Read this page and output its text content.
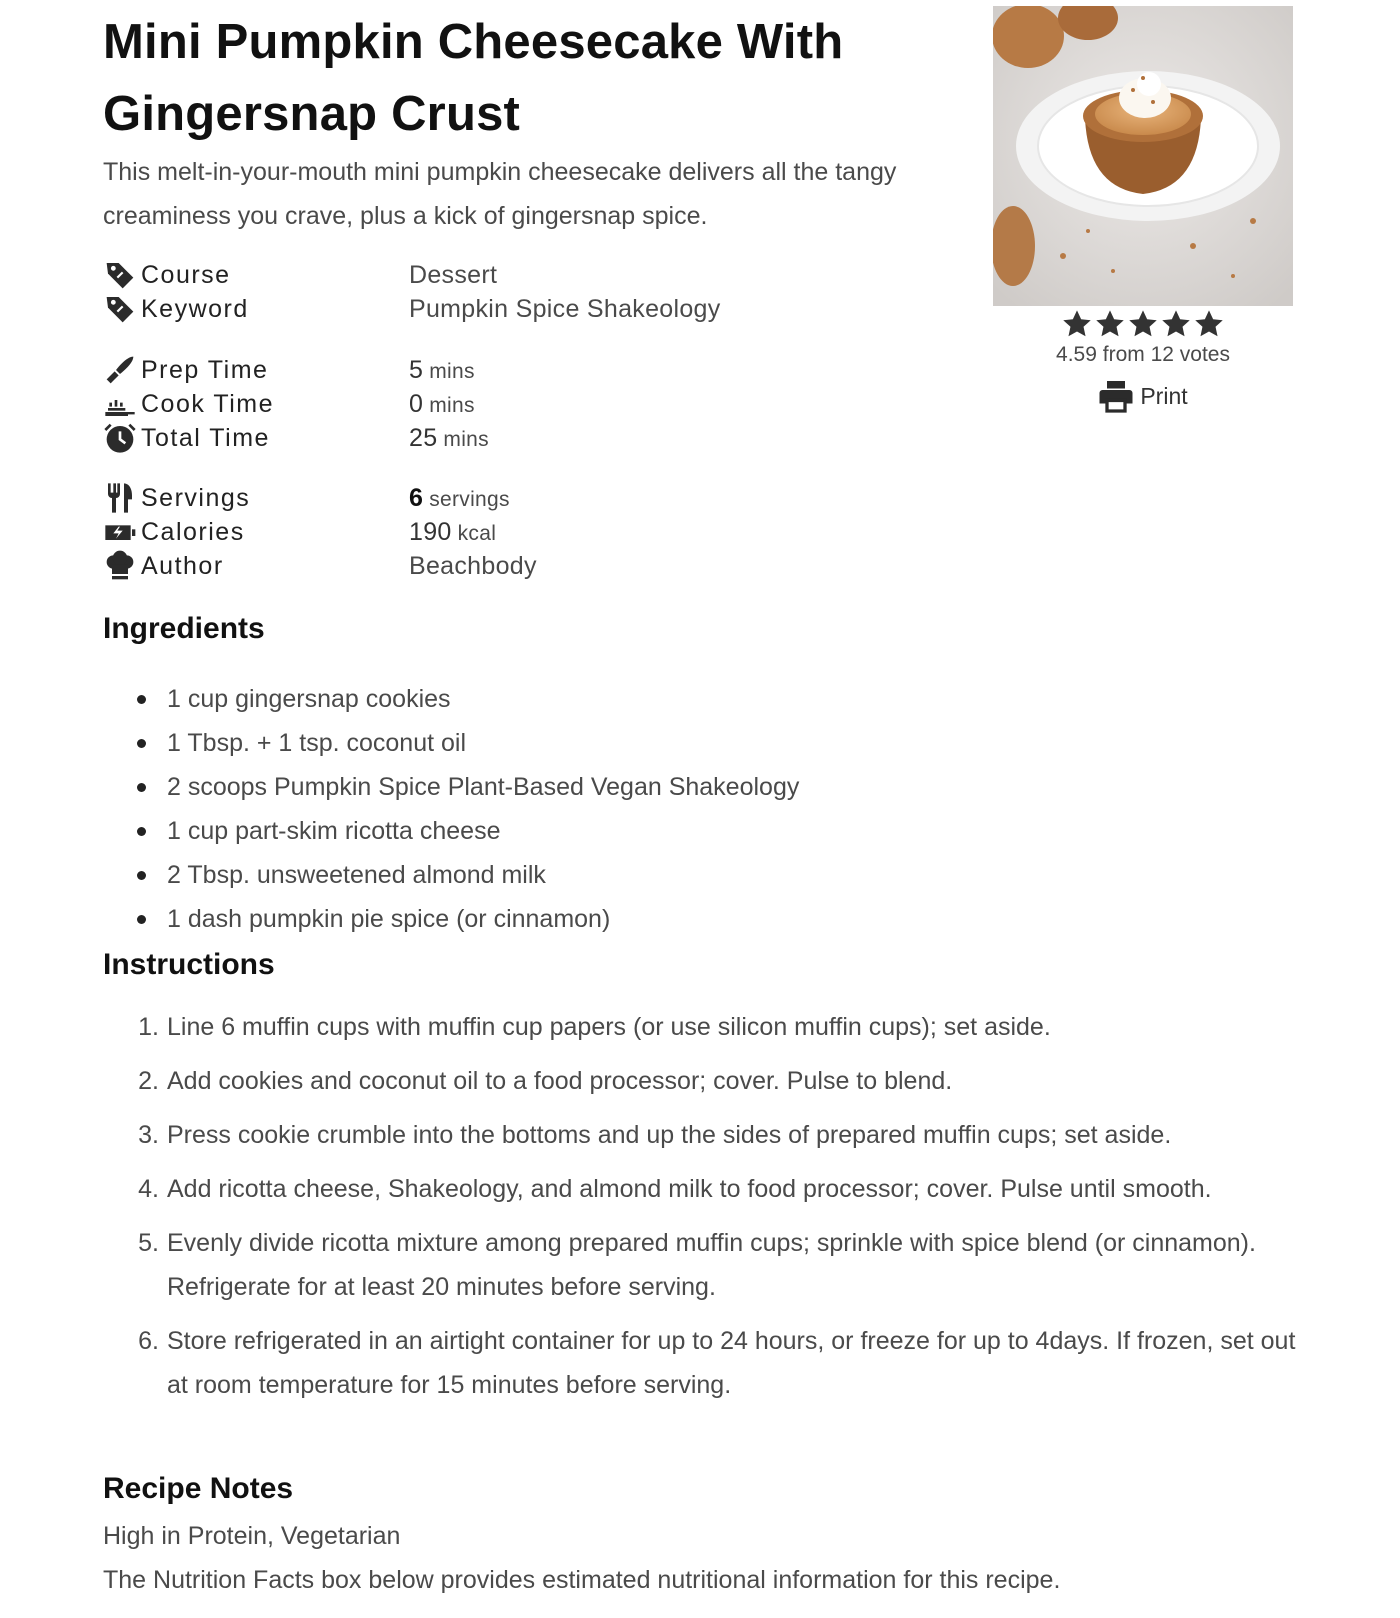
Mini Pumpkin Cheesecake With Gingersnap Crust

This melt-in-your-mouth mini pumpkin cheesecake delivers all the tangy creaminess you crave, plus a kick of gingersnap spice.

4.59 from 12 votes
Print
Course	Dessert
Keyword	Pumpkin Spice Shakeology
Prep Time	5 mins
Cook Time	0 mins
Total Time	25 mins
Servings	6 servings
Calories	190 kcal
Author	Beachbody
Ingredients
1 cup gingersnap cookies
1 Tbsp. + 1 tsp. coconut oil
2 scoops Pumpkin Spice Plant-Based Vegan Shakeology
1 cup part-skim ricotta cheese
2 Tbsp. unsweetened almond milk
1 dash pumpkin pie spice (or cinnamon)
Instructions
1. Line 6 muffin cups with muffin cup papers (or use silicon muffin cups); set aside.
2. Add cookies and coconut oil to a food processor; cover. Pulse to blend.
3. Press cookie crumble into the bottoms and up the sides of prepared muffin cups; set aside.
4. Add ricotta cheese, Shakeology, and almond milk to food processor; cover. Pulse until smooth.
5. Evenly divide ricotta mixture among prepared muffin cups; sprinkle with spice blend (or cinnamon). Refrigerate for at least 20 minutes before serving.
6. Store refrigerated in an airtight container for up to 24 hours, or freeze for up to 4days. If frozen, set out at room temperature for 15 minutes before serving.
Recipe Notes
High in Protein, Vegetarian
The Nutrition Facts box below provides estimated nutritional information for this recipe.
